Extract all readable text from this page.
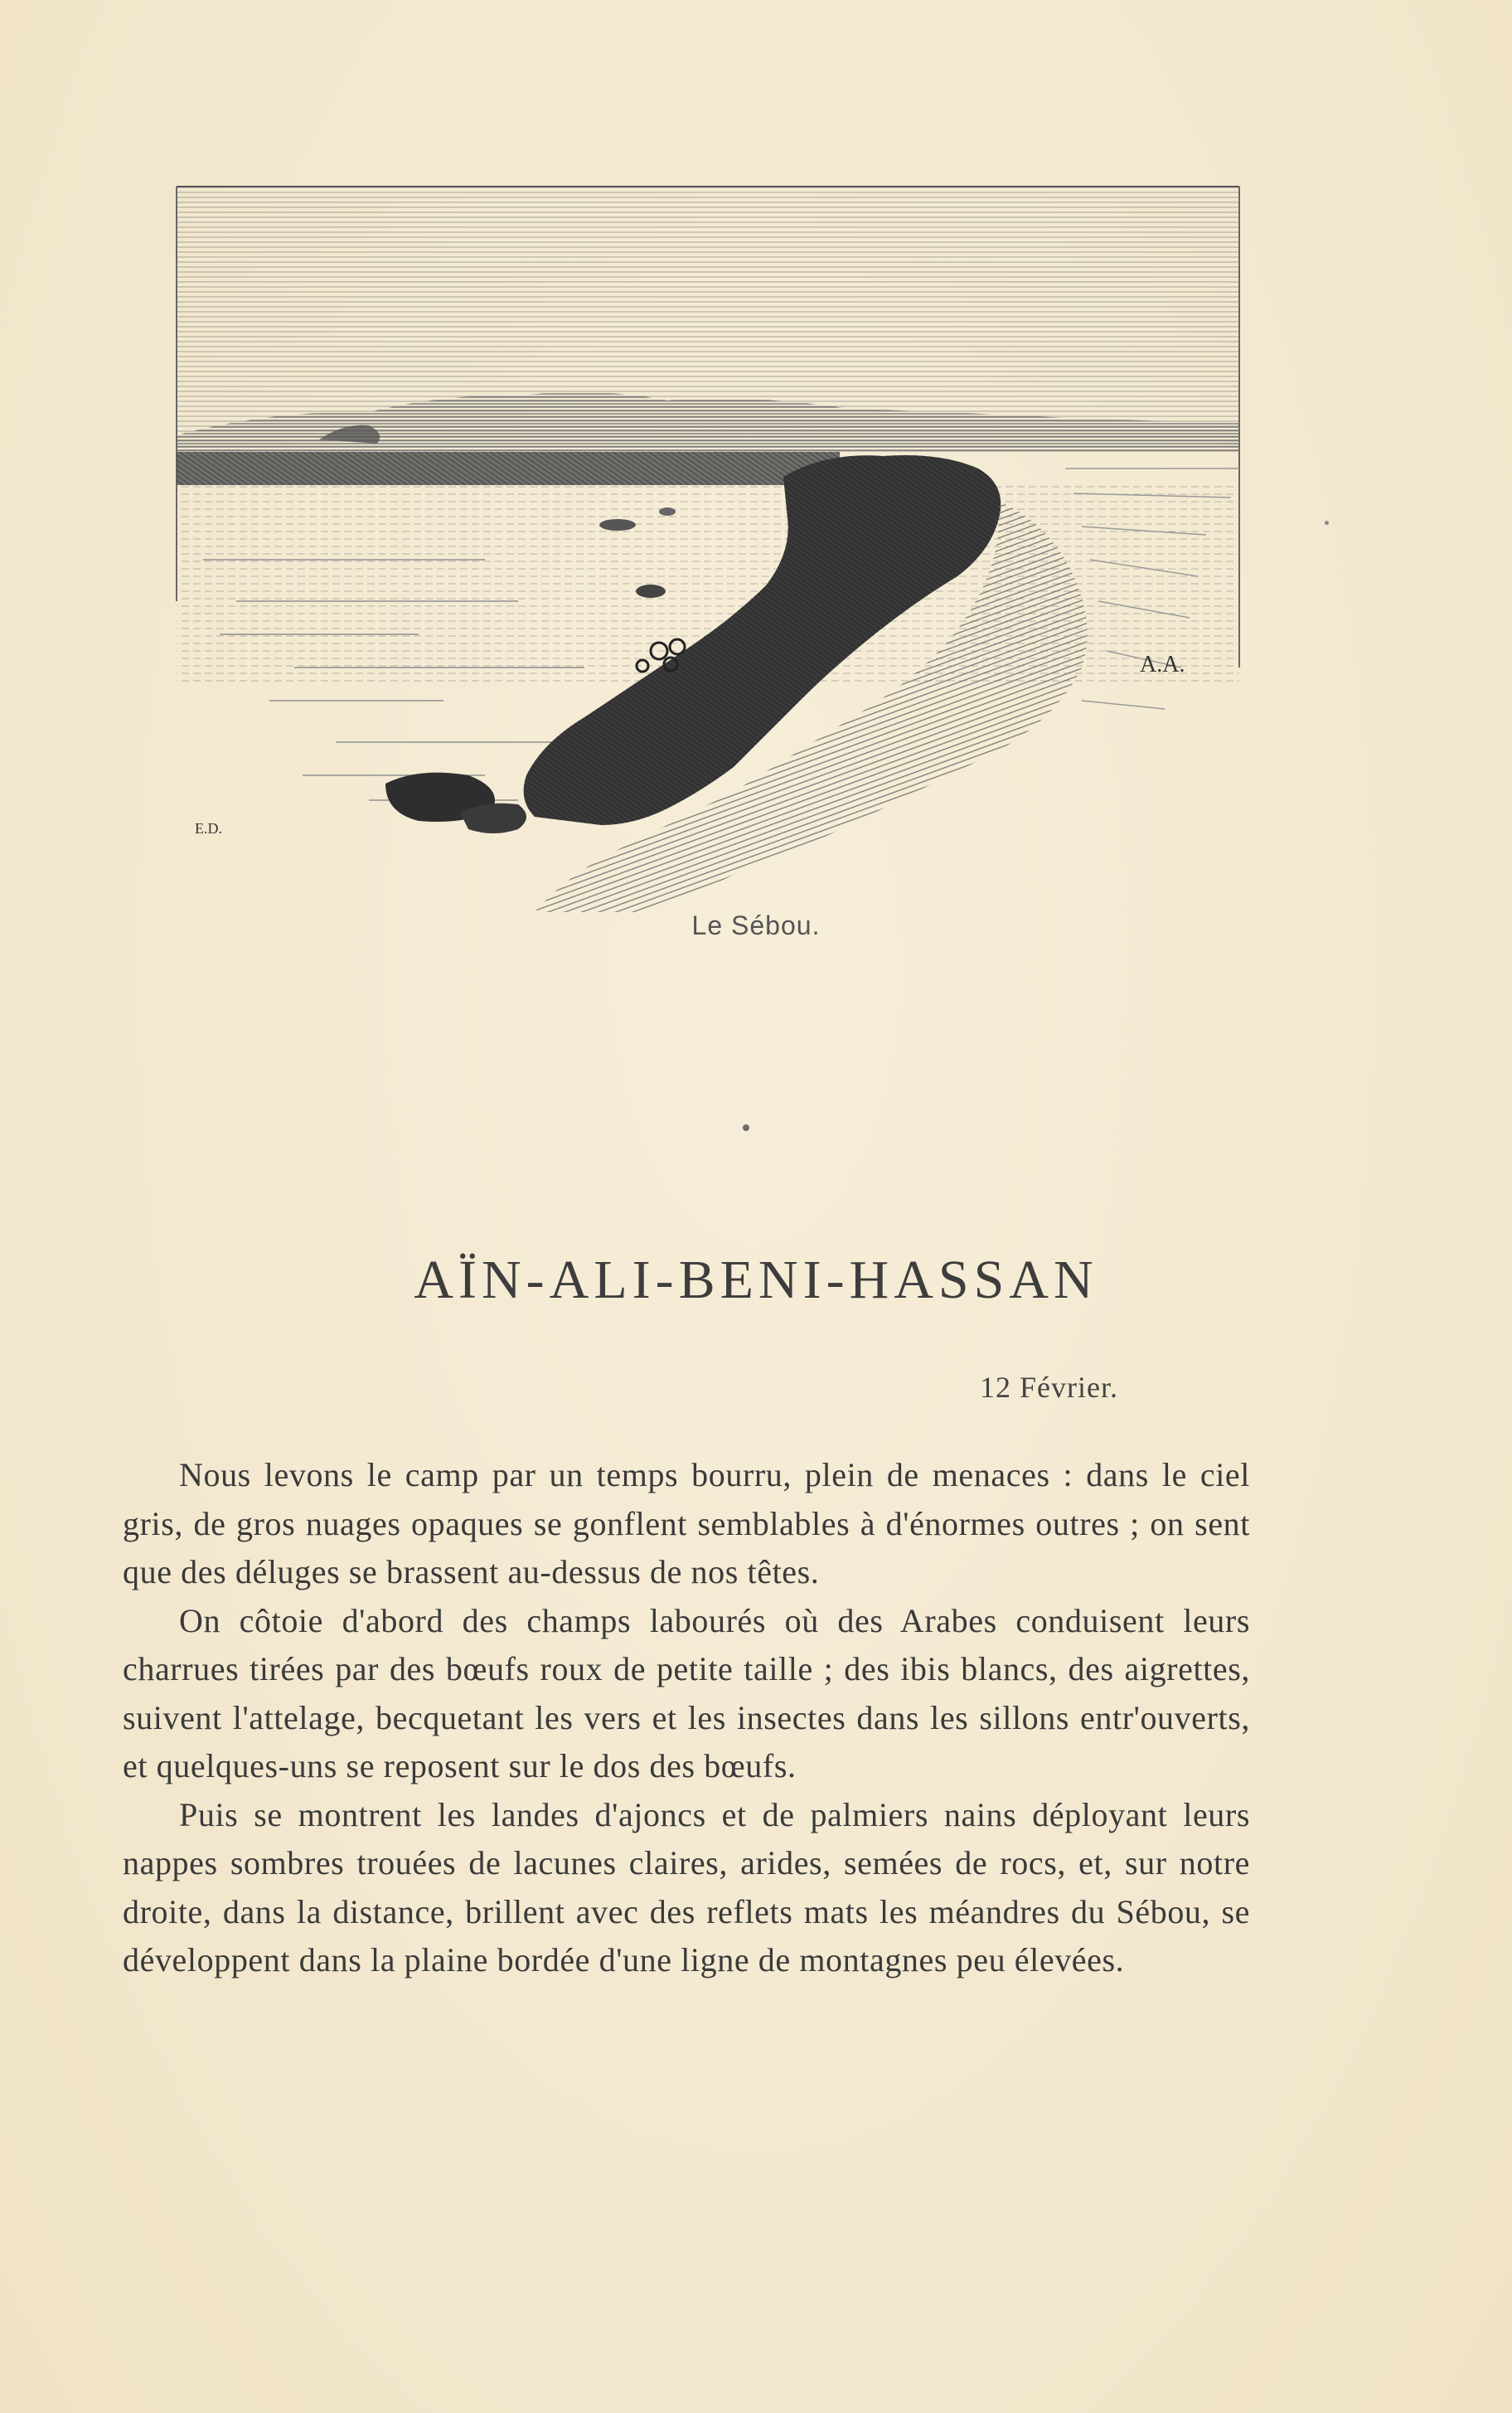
A.A.
E.D.
Le Sébou.
AÏN-ALI-BENI-HASSAN
12 Février.

Nous levons le camp par un temps bourru, plein de menaces : dans le ciel gris, de gros nuages opaques se gonflent semblables à d'énormes outres ; on sent que des déluges se brassent au-dessus de nos têtes.

On côtoie d'abord des champs labourés où des Arabes conduisent leurs charrues tirées par des bœufs roux de petite taille ; des ibis blancs, des aigrettes, suivent l'attelage, becquetant les vers et les insectes dans les sillons entr'ouverts, et quelques-uns se reposent sur le dos des bœufs.

Puis se montrent les landes d'ajoncs et de palmiers nains déployant leurs nappes sombres trouées de lacunes claires, arides, semées de rocs, et, sur notre droite, dans la distance, brillent avec des reflets mats les méandres du Sébou, se développent dans la plaine bordée d'une ligne de montagnes peu élevées.
